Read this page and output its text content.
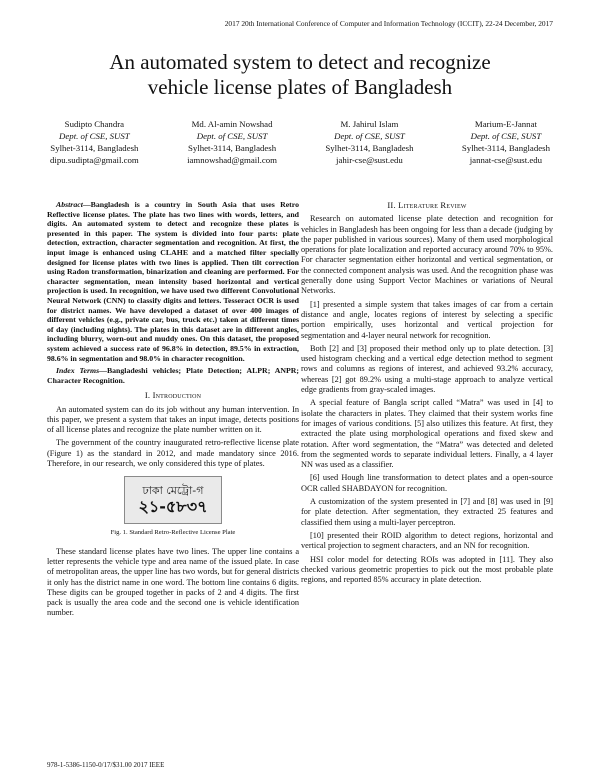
2017 20th International Conference of Computer and Information Technology (ICCIT), 22-24 December, 2017
An automated system to detect and recognize
vehicle license plates of Bangladesh
Sudipto Chandra
Dept. of CSE, SUST
Sylhet-3114, Bangladesh
dipu.sudipta@gmail.com
Md. Al-amin Nowshad
Dept. of CSE, SUST
Sylhet-3114, Bangladesh
iamnowshad@gmail.com
M. Jahirul Islam
Dept. of CSE, SUST
Sylhet-3114, Bangladesh
jahir-cse@sust.edu
Marium-E-Jannat
Dept. of CSE, SUST
Sylhet-3114, Bangladesh
jannat-cse@sust.edu

Abstract—Bangladesh is a country in South Asia that uses Retro Reflective license plates. The plate has two lines with words, letters, and digits. An automated system to detect and recognize these plates is presented in this paper. The system is divided into four parts: plate detection, extraction, character segmentation and recognition. At first, the input image is enhanced using CLAHE and a matched filter specially designed for license plates with two lines is applied. Then tilt correction using Radon transformation, binarization and cleaning are performed. For character segmentation, mean intensity based horizontal and vertical projection is used. In recognition, we have used two different Convolutional Neural Network (CNN) to classify digits and letters. Tesseract OCR is used for district names. We have developed a dataset of over 400 images of different vehicles (e.g., private car, bus, truck etc.) taken at different times of day (including nights). The plates in this dataset are in different angles, including blurry, worn-out and muddy ones. On this dataset, the proposed system achieved a success rate of 96.8% in detection, 89.5% in extraction, 98.6% in segmentation and 98.0% in character recognition.

Index Terms—Bangladeshi vehicles; Plate Detection; ALPR; ANPR; Character Recognition.

I. Introduction

An automated system can do its job without any human intervention. In this paper, we present a system that takes an input image, detects positions of all license plates and recognize the plate number written on it.

The government of the country inaugurated retro-reflective license plate (Figure 1) as the standard in 2012, and made mandatory since 2016. Therefore, in our research, we only considered this type of plates.

ঢাকা মেট্রো-গ
২১-৫৮৩৭
Fig. 1. Standard Retro-Reflective License Plate

These standard license plates have two lines. The upper line contains a letter represents the vehicle type and area name of the issued plate. In case of metropolitan areas, the upper line has two words, but for general districts it only has the district name in one word. The bottom line contains 6 digits. These digits can be grouped together in packs of 2 and 4 digits. The first pack is usually the area code and the second one is vehicle identification number.

II. Literature Review

Research on automated license plate detection and recognition for vehicles in Bangladesh has been ongoing for less than a decade (judging by the paper published in various sources). Many of them used morphological operations for plate localization and reported accuracy around 70% to 95%. For character segmentation either horizontal and vertical segmentation, or the connected component analysis was used. And the recognition phase was generally done using Support Vector Machines or variations of Neural Networks.

[1] presented a simple system that takes images of car from a certain distance and angle, locates regions of interest by selecting a specific portion empirically, uses horizontal and vertical projection for segmentation and 4-layer neural network for recognition.

Both [2] and [3] proposed their method only up to plate detection. [3] used histogram checking and a vertical edge detection method to segment rows and columns as regions of interest, and achieved 93.2% accuracy, whereas [2] got 89.2% using a multi-stage approach to analyze vertical edge gradients from gray-scaled images.

A special feature of Bangla script called “Matra” was used in [4] to isolate the characters in plates. They claimed that their system works fine for images of various conditions. [5] also utilizes this feature. At first, they extracted the plate using morphological operations and fixed skew and rotation. After word segmentation, the “Matra” was detected and deleted from the segmented words to separate individual letters. Finally, a 4 layer NN was used as a classifier.

[6] used Hough line transformation to detect plates and a open-source OCR called SHABDAYON for recognition.

A customization of the system presented in [7] and [8] was used in [9] for plate detection. After segmentation, they extracted 25 features and classified them using a multi-layer perceptron.

[10] presented their ROID algorithm to detect regions, horizontal and vertical projection to segment characters, and an NN for recognition.

HSI color model for detecting ROIs was adopted in [11]. They also checked various geometric properties to pick out the most probable plate regions, and reported 85% accuracy in plate detection.

978-1-5386-1150-0/17/$31.00 2017 IEEE
